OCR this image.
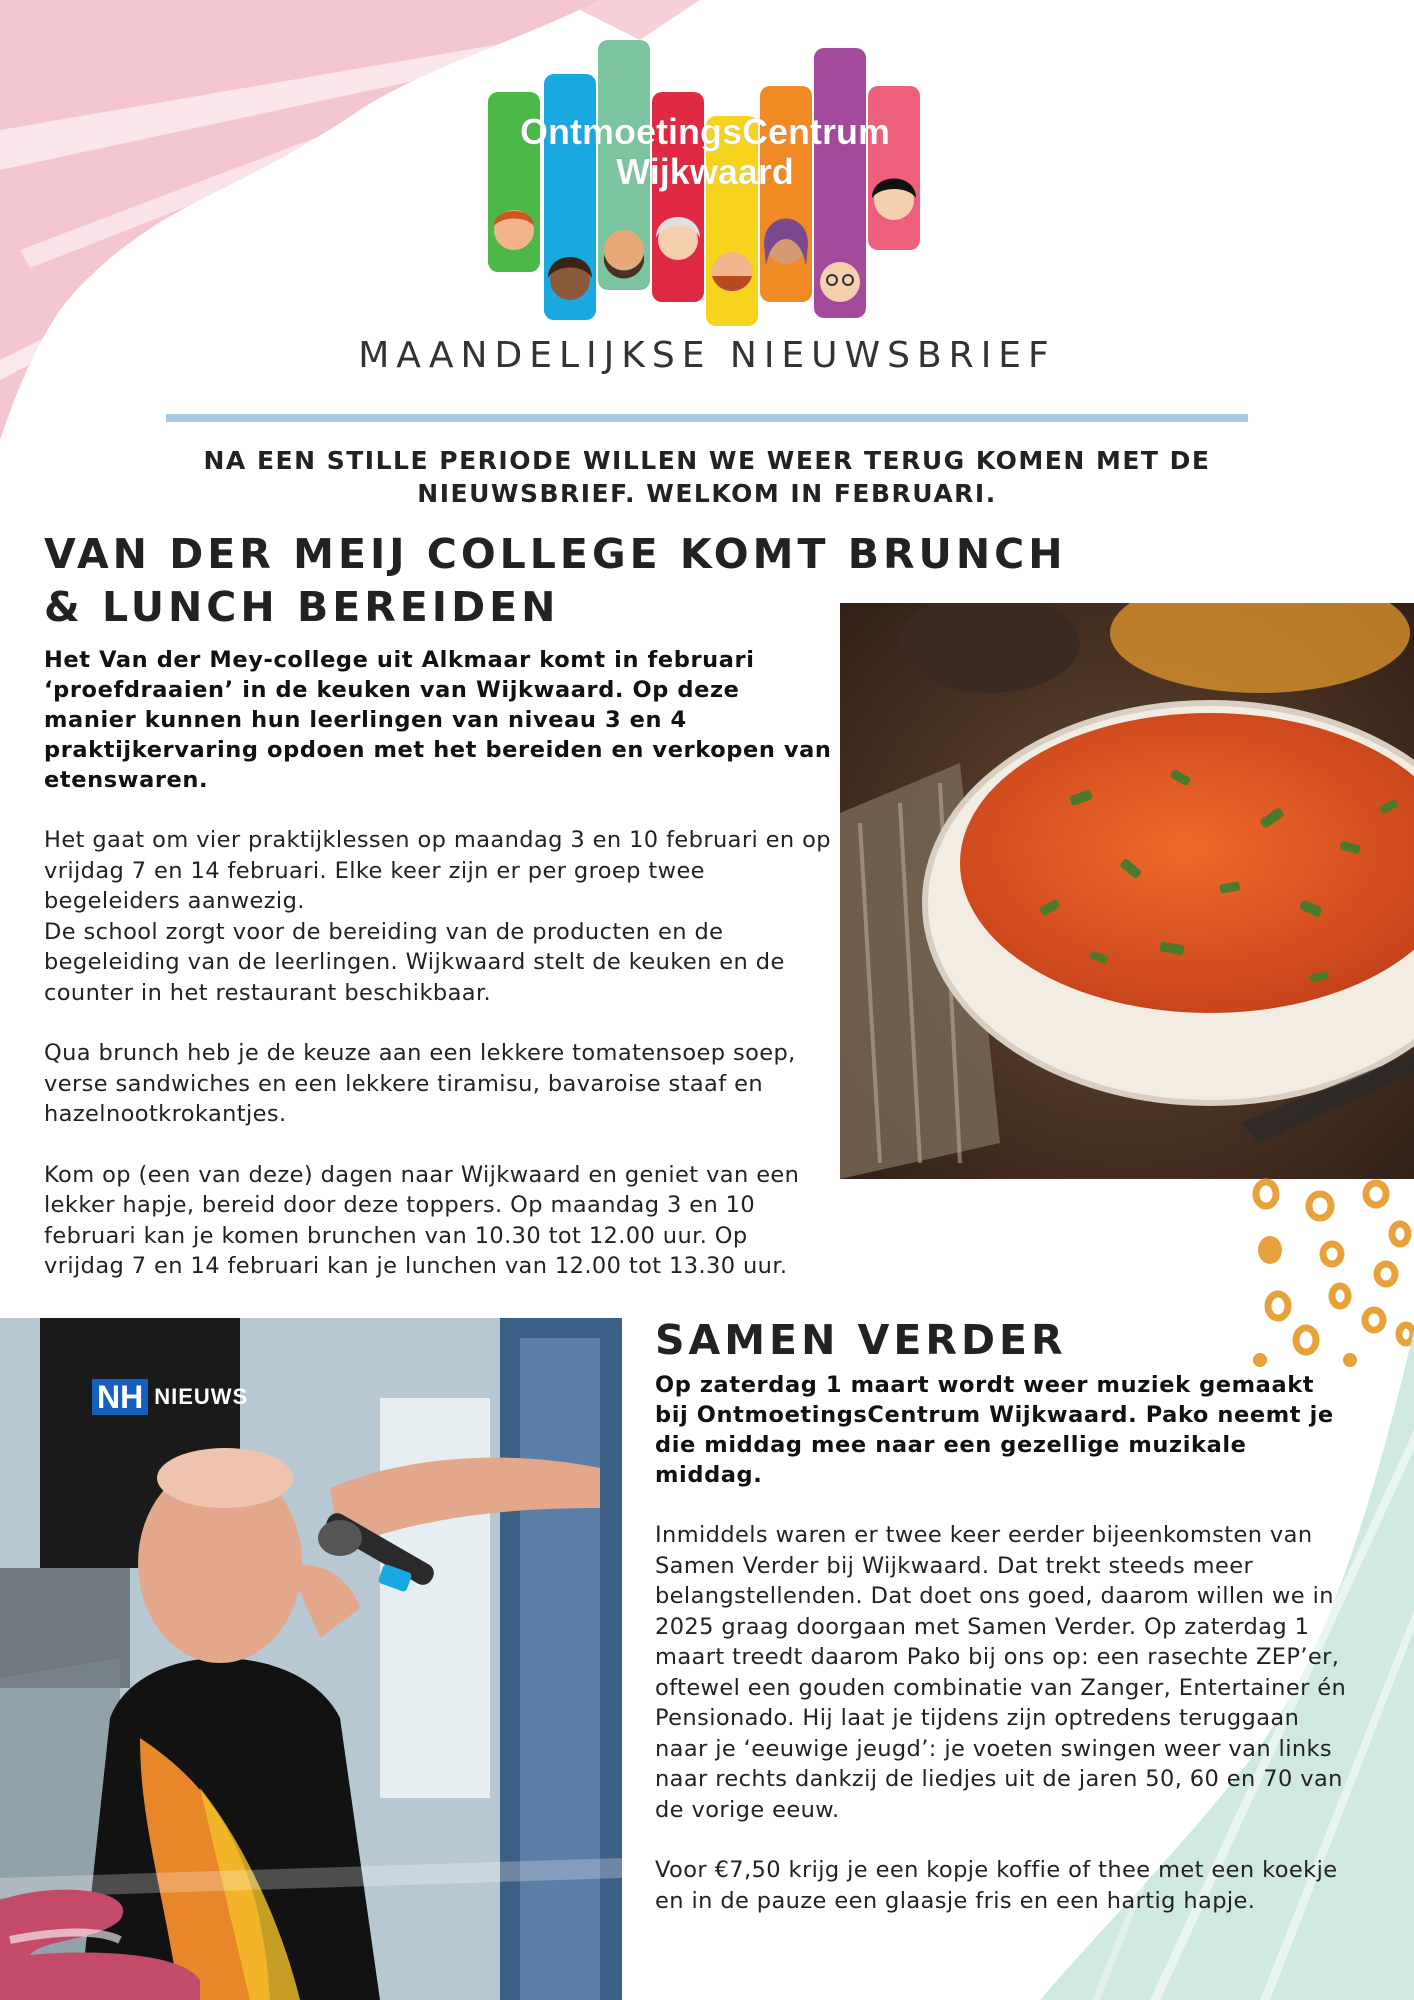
OntmoetingsCentrum
Wijkwaard
MAANDELIJKSE NIEUWSBRIEF
NA EEN STILLE PERIODE WILLEN WE WEER TERUG KOMEN MET DE NIEUWSBRIEF. WELKOM IN FEBRUARI.
VAN DER MEIJ COLLEGE KOMT BRUNCH & LUNCH BEREIDEN

Het Van der Mey-college uit Alkmaar komt in februari ‘proefdraaien’ in de keuken van Wijkwaard. Op deze manier kunnen hun leerlingen van niveau 3 en 4 praktijkervaring opdoen met het bereiden en verkopen van etenswaren.

Het gaat om vier praktijklessen op maandag 3 en 10 februari en op vrijdag 7 en 14 februari. Elke keer zijn er per groep twee begeleiders aanwezig.
De school zorgt voor de bereiding van de producten en de begeleiding van de leerlingen. Wijkwaard stelt de keuken en de counter in het restaurant beschikbaar.

Qua brunch heb je de keuze aan een lekkere tomatensoep soep, verse sandwiches en een lekkere tiramisu, bavaroise staaf en hazelnootkrokantjes.

Kom op (een van deze) dagen naar Wijkwaard en geniet van een lekker hapje, bereid door deze toppers. Op maandag 3 en 10 februari kan je komen brunchen van 10.30 tot 12.00 uur. Op vrijdag 7 en 14 februari kan je lunchen van 12.00 tot 13.30 uur.

SAMEN VERDER

Op zaterdag 1 maart wordt weer muziek gemaakt bij OntmoetingsCentrum Wijkwaard. Pako neemt je die middag mee naar een gezellige muzikale middag.

Inmiddels waren er twee keer eerder bijeenkomsten van Samen Verder bij Wijkwaard. Dat trekt steeds meer belangstellenden. Dat doet ons goed, daarom willen we in 2025 graag doorgaan met Samen Verder. Op zaterdag 1 maart treedt daarom Pako bij ons op: een rasechte ZEP’er, oftewel een gouden combinatie van Zanger, Entertainer én Pensionado. Hij laat je tijdens zijn optredens teruggaan naar je ‘eeuwige jeugd’: je voeten swingen weer van links naar rechts dankzij de liedjes uit de jaren 50, 60 en 70 van de vorige eeuw.

Voor €7,50 krijg je een kopje koffie of thee met een koekje en in de pauze een glaasje fris en een hartig hapje.

NH NIEUWS
